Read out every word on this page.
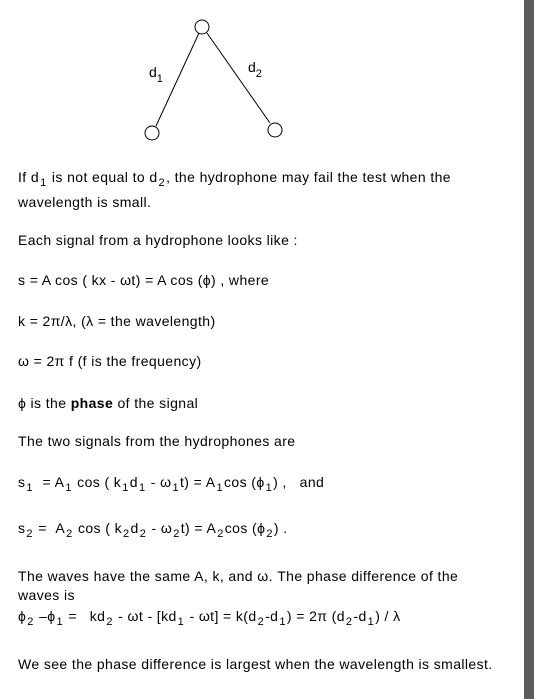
$d_1$
$d_2$
If $d_1$ is not equal to $d_2$, the hydrophone may fail the test when the
wavelength is small.
Each signal from a hydrophone looks like :
s = A cos ( kx - ωt) = A cos (ϕ) , where
k = 2π/λ, (λ = the wavelength)
ω = 2π f (f is the frequency)
ϕ is the phase of the signal
The two signals from the hydrophones are
$s_1 = A_1$ cos ( $k_1d_1 - \omega_1t) = A_1\cos$ $(\phi_1)$ ,   and
$s_2 = A_2$ cos ( $k_2d_2 - \omega_2t) = A_2\cos$ $(\phi_2)$ .
The waves have the same A, k, and ω. The phase difference of the
waves is
$\phi_2$ $-\phi_1 = kd_2 - \omega t - [kd_1 - \omega t] = k(d_2-d_1) = 2\pi$ $(d_2-d_1)$ / λ
We see the phase difference is largest when the wavelength is smallest.
